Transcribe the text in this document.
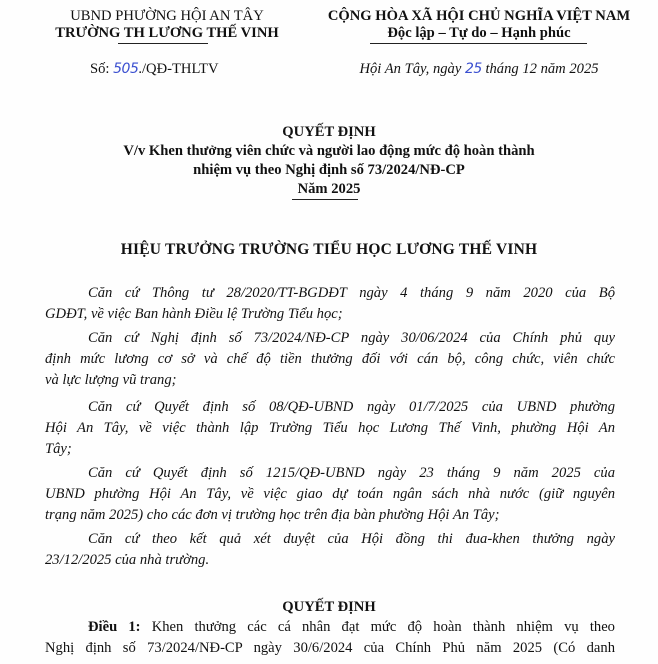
UBND PHƯỜNG HỘI AN TÂY
TRƯỜNG TH LƯƠNG THẾ VINH
Số: 505./QĐ-THLTV
CỘNG HÒA XÃ HỘI CHỦ NGHĨA VIỆT NAM
Độc lập – Tự do – Hạnh phúc
Hội An Tây, ngày 25 tháng 12 năm 2025
QUYẾT ĐỊNH
V/v Khen thưởng viên chức và người lao động mức độ hoàn thành
nhiệm vụ theo Nghị định số 73/2024/NĐ-CP
Năm 2025
HIỆU TRƯỞNG TRƯỜNG TIỂU HỌC LƯƠNG THẾ VINH
Căn cứ Thông tư 28/2020/TT-BGDĐT ngày 4 tháng 9 năm 2020 của Bộ
GDĐT, về việc Ban hành Điều lệ Trường Tiểu học;
Căn cứ Nghị định số 73/2024/NĐ-CP ngày 30/06/2024 của Chính phủ quy
định mức lương cơ sở và chế độ tiền thưởng đối với cán bộ, công chức, viên chức
và lực lượng vũ trang;
Căn cứ Quyết định số 08/QĐ-UBND ngày 01/7/2025 của UBND phường
Hội An Tây, về việc thành lập Trường Tiểu học Lương Thế Vinh, phường Hội An
Tây;
Căn cứ Quyết định số 1215/QĐ-UBND ngày 23 tháng 9 năm 2025 của
UBND phường Hội An Tây, về việc giao dự toán ngân sách nhà nước (giữ nguyên
trạng năm 2025) cho các đơn vị trường học trên địa bàn phường Hội An Tây;
Căn cứ theo kết quả xét duyệt của Hội đồng thi đua-khen thưởng ngày
23/12/2025 của nhà trường.
QUYẾT ĐỊNH
Điều 1: Khen thưởng các cá nhân đạt mức độ hoàn thành nhiệm vụ theo
Nghị định số 73/2024/NĐ-CP ngày 30/6/2024 của Chính Phủ năm 2025 (Có danh
